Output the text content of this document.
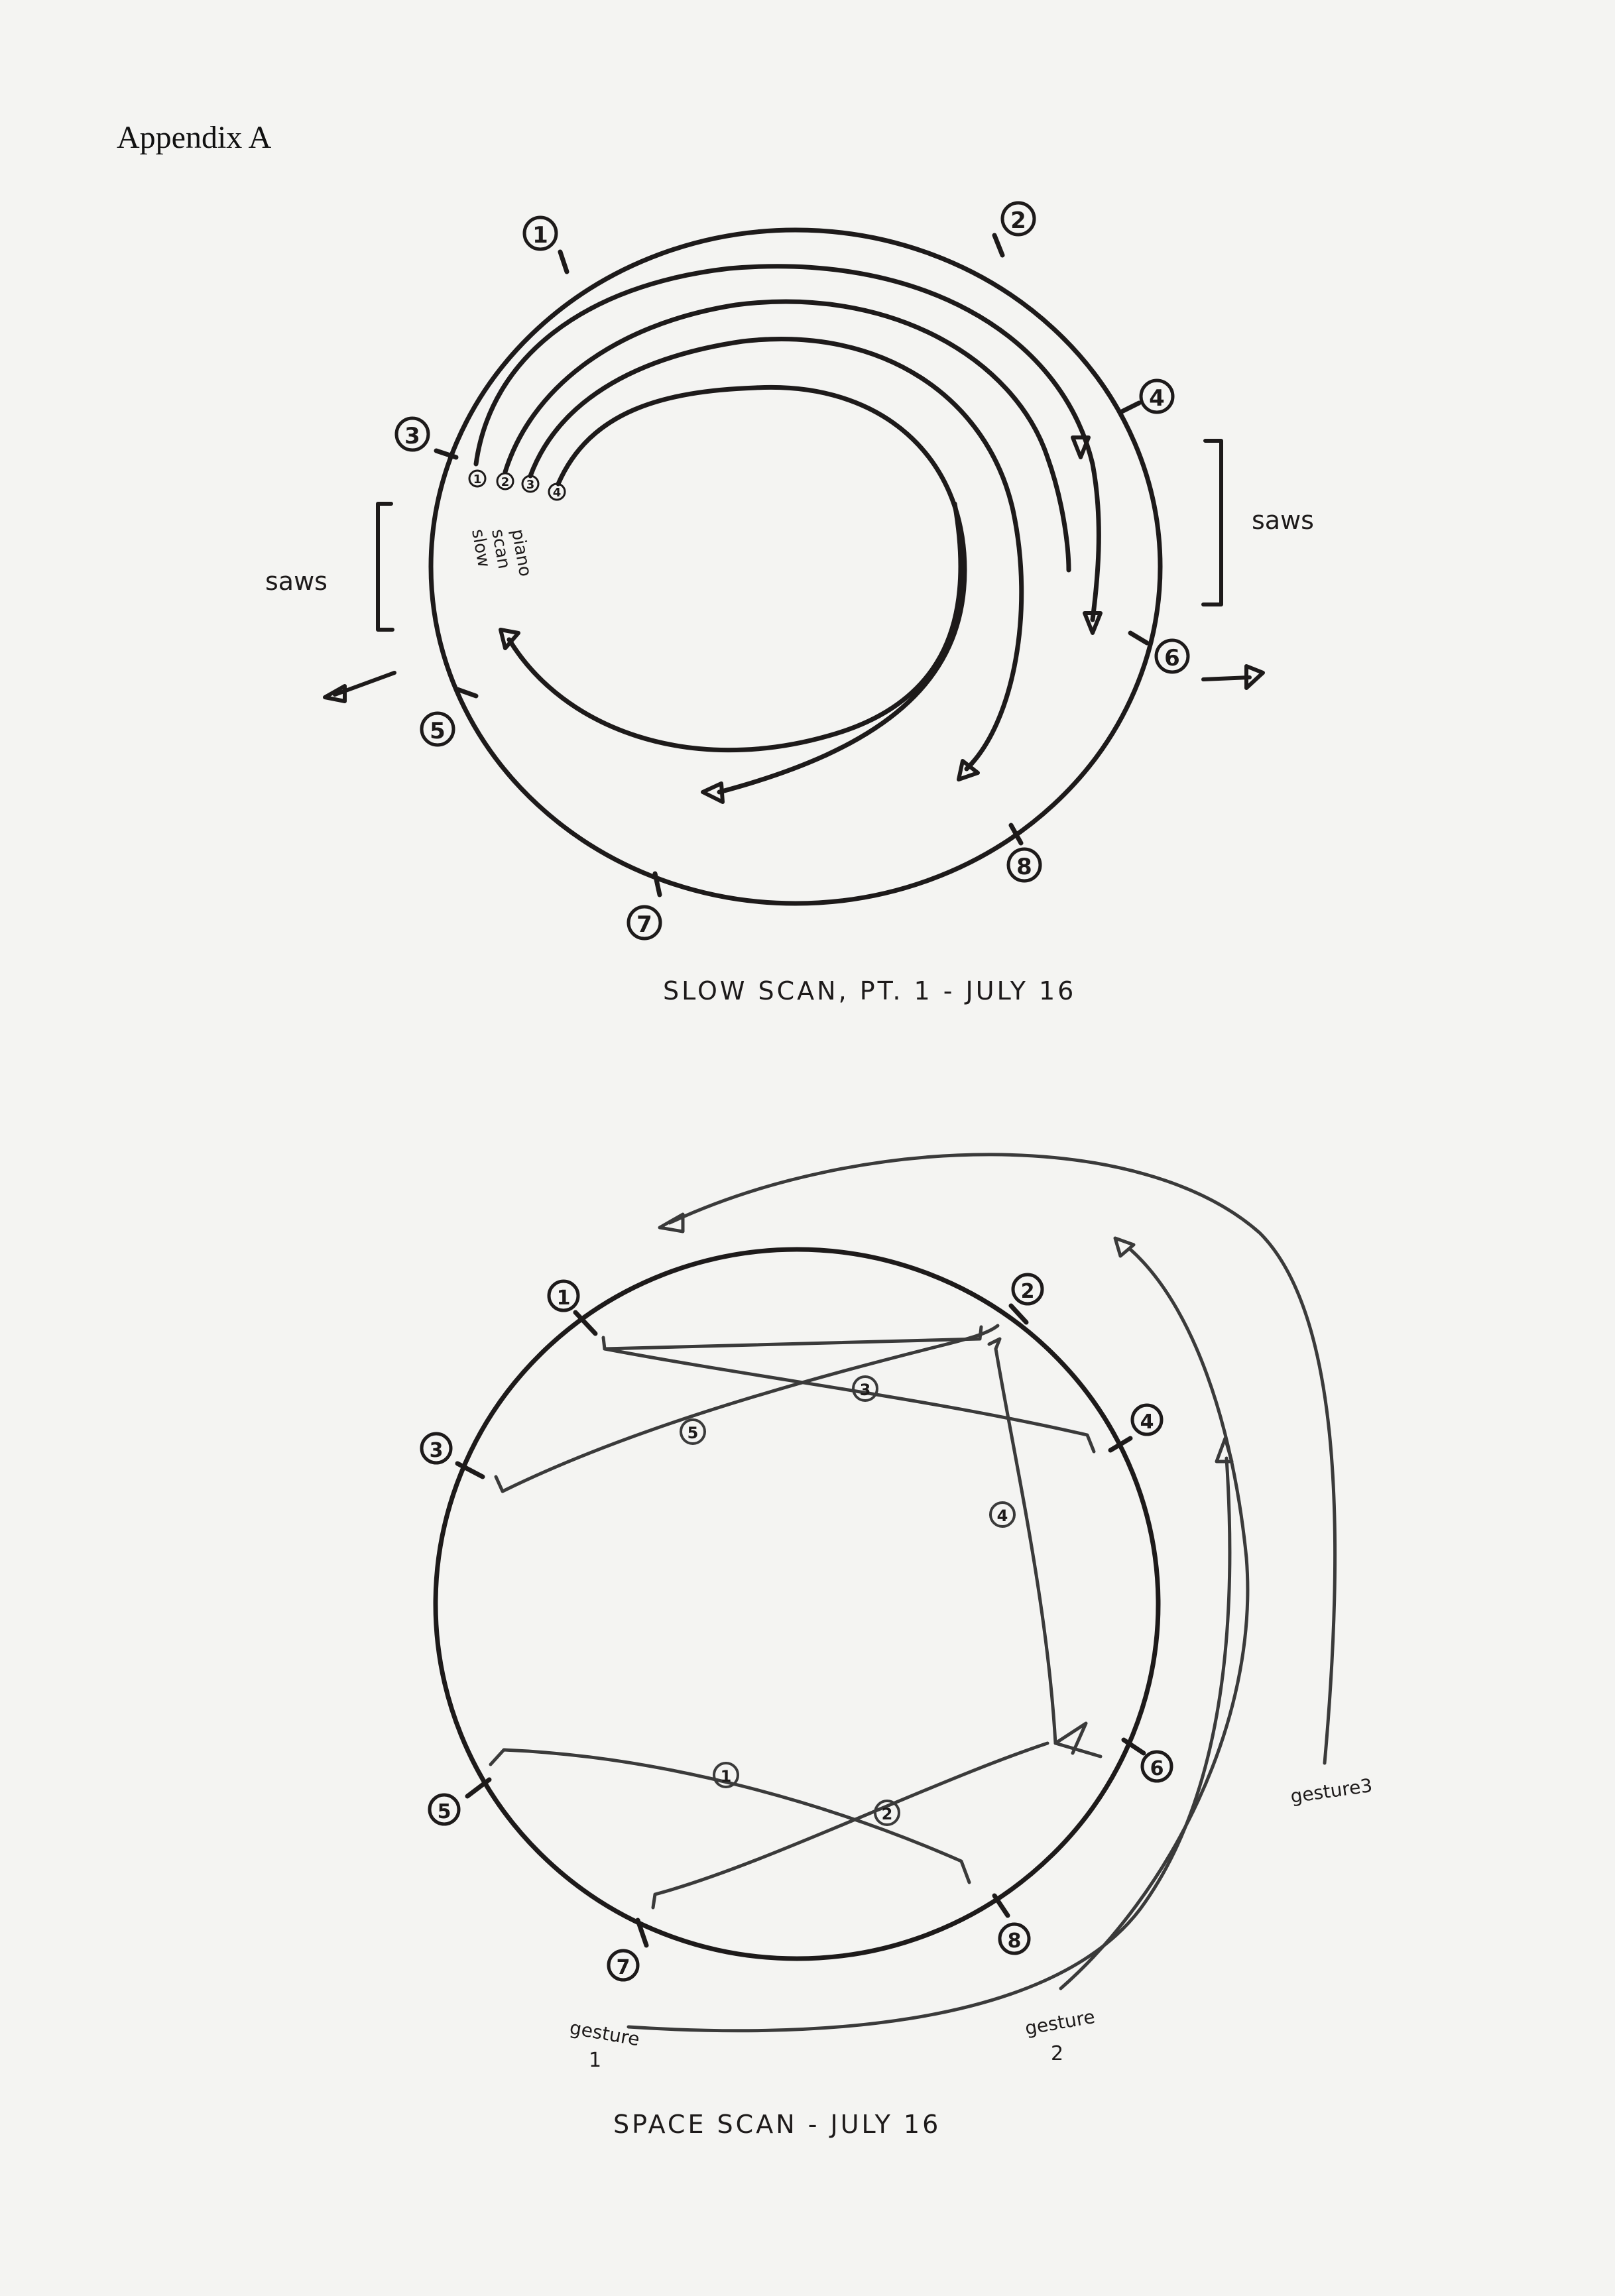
Appendix A
1
2
3
4
5
6
7
8
1 2 3
4
slow
scan
piano
saws
saws
SLOW SCAN, PT. 1 - JULY 16
1	2
3
4
5
6
7
8
1
2
3
4
5
gesture
1
gesture
2
gesture3
SPACE SCAN - JULY 16
